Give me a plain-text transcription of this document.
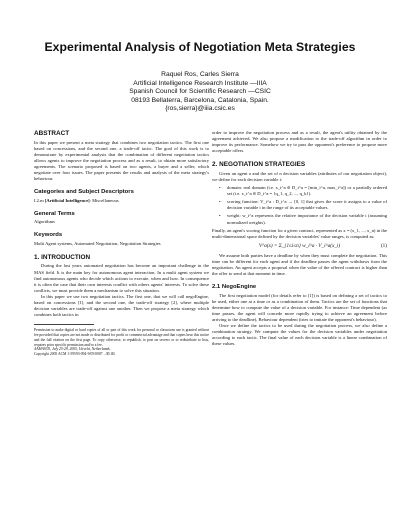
Experimental Analysis of Negotiation Meta Strategies
Raquel Ros, Carles Sierra
Artificial Intelligence Research Institute —IIIA
Spanish Council for Scientific Research —CSIC
08193 Bellaterra, Barcelona, Catalonia, Spain.
{ros,sierra}@iiia.csic.es
ABSTRACT

In this paper we present a meta strategy that combines two negotiation tactics. The first one based on concessions, and the second one, a trade-off tactic. The goal of this work is to demonstrate by experimental analysis that the combination of different negotiation tactics allows agents to improve the negotiation process and as a result, to obtain more satisfactory agreements. The scenario proposed is based on two agents, a buyer and a seller, which negotiate over four issues. The paper presents the results and analysis of the meta strategy's behaviour.

Categories and Subject Descriptors
I.2.m [Artificial Intelligence]: Miscellaneous
General Terms
Algorithms
Keywords

Multi Agent systems, Automated Negotiation, Negotiation Strategies

1. INTRODUCTION

During the last years automated negotiation has become an important challenge in the MAS field. It is the main key for autonomous agent interaction. In a multi agent system we find autonomous agents who decide which actions to execute, when and how. In consequence it is often the case that their own interests conflict with others agents' interests. To solve these conflicts, we must provide them a mechanism to solve this situation.

In this paper we use two negotiation tactics. The first one, that we will call negoEngine, based on concessions [1], and the second one, the trade-off strategy [2], where multiple decision variables are trade-off against one another. Then we propose a meta strategy which combines both tactics in

Permission to make digital or hard copies of all or part of this work for personal or classroom use is granted without fee provided that copies are not made or distributed for profit or commercial advantage and that copies bear this notice and the full citation on the first page. To copy otherwise, to republish, to post on servers or to redistribute to lists, requires prior specific permission and/or a fee.
AAMAS'05, July 25-29, 2005, Utrecht, Netherlands.
Copyright 2005 ACM 1-59593-094-9/05/0007 ...$5.00.

order to improve the negotiation process and as a result, the agent's utility obtained by the agreement achieved. We also propose a modification to the trade-off algorithm in order to improve its performance. Somehow we try to pass the opponent's preference to propose more acceptable offers.

2. NEGOTIATION STRATEGIES

Given an agent a and the set of n decision variables (attributes of our negotiation object), we define for each decision variable i:

• domain: real domain (i.e. x_i^a ∈ D_i^a = [min_i^a, max_i^a]) or a partially ordered set (i.e. x_i^a ∈ D_i^a = {q_1, q_2, ..., q_k}).
• scoring function: V_i^a : D_i^a → [0, 1] that gives the score it assigns to a value of decision variable i in the range of its acceptable values.
• weight: w_i^a represents the relative importance of the decision variable i (assuming normalized weights).

Finally, an agent's scoring function for a given contract, represented as x = (x_1, ..., x_n) in the multi-dimensional space defined by the decision variables' value ranges, is computed as:

V^a(x) = Σ_{1≤i≤n} w_i^a · V_i^a(x_i)	(1)

We assume both parties have a deadline by when they must complete the negotiation. This time can be different for each agent and if the deadline passes the agent withdraws from the negotiation. An agent accepts a proposal when the value of the offered contract is higher than the offer to send at that moment in time.

2.1 NegoEngine

The first negotiation model (for details refer to [1]) is based on defining a set of tactics to be used, either one at a time or as a combination of them. Tactics are the set of functions that determine how to compute the value of a decision variable. For instance: Time dependent (as time passes, the agent will concede more rapidly trying to achieve an agreement before arriving to the deadline), Behaviour dependent (tries to imitate the opponent's behaviour).

Once we define the tactics to be used during the negotiation process, we also define a combination strategy. We compute the values for the decision variables under negotiation according to each tactic. The final value of each decision variable is a linear combination of these values.
